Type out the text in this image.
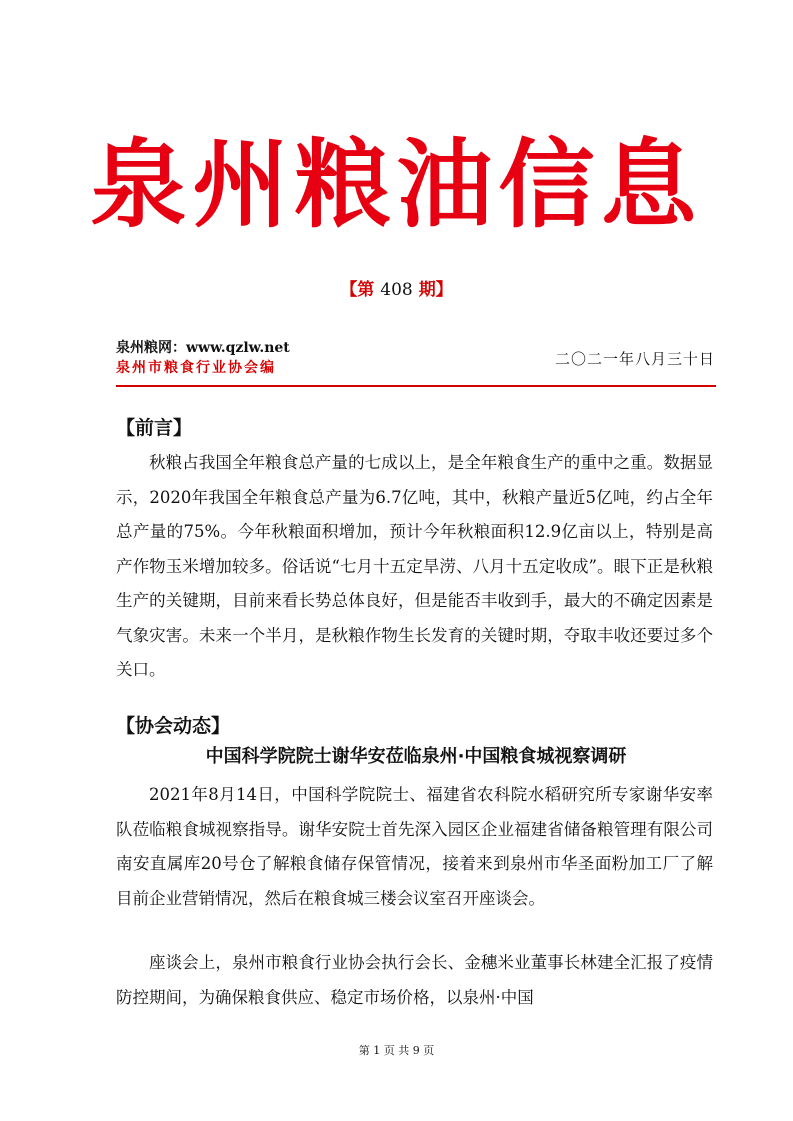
泉州粮油信息
【第 408 期】
泉州粮网：www.qzlw.net
泉州市粮食行业协会编	二〇二一年八月三十日
【前言】
秋粮占我国全年粮食总产量的七成以上，是全年粮食生产的重中之重。数据显示，2020年我国全年粮食总产量为6.7亿吨，其中，秋粮产量近5亿吨，约占全年总产量的75%。今年秋粮面积增加，预计今年秋粮面积12.9亿亩以上，特别是高产作物玉米增加较多。俗话说“七月十五定旱涝、八月十五定收成”。眼下正是秋粮生产的关键期，目前来看长势总体良好，但是能否丰收到手，最大的不确定因素是气象灾害。未来一个半月，是秋粮作物生长发育的关键时期，夺取丰收还要过多个关口。
【协会动态】
中国科学院院士谢华安莅临泉州·中国粮食城视察调研
2021年8月14日，中国科学院院士、福建省农科院水稻研究所专家谢华安率队莅临粮食城视察指导。谢华安院士首先深入园区企业福建省储备粮管理有限公司南安直属库20号仓了解粮食储存保管情况，接着来到泉州市华圣面粉加工厂了解目前企业营销情况，然后在粮食城三楼会议室召开座谈会。
座谈会上，泉州市粮食行业协会执行会长、金穗米业董事长林建全汇报了疫情防控期间，为确保粮食供应、稳定市场价格，以泉州·中国
第 1 页 共 9 页
